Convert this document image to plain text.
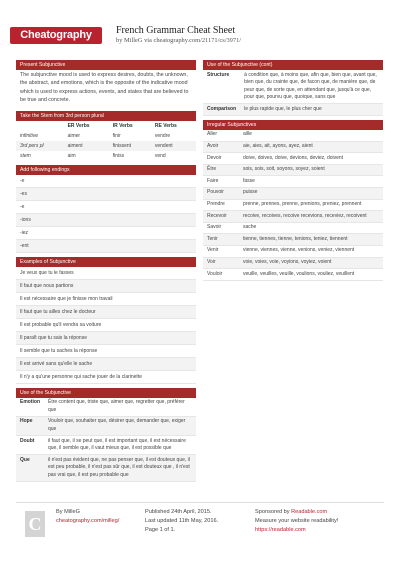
Cheatography	French Grammar Cheat Sheet
by MilleG via cheatography.com/21171/cs/3971/
Present Subjunctive
The subjunctive mood is used to express desires, doubts, the unknown, the abstract, and emotions, which is the opposite of the indicative mood which is used to express actions, events, and states that are believed to be true and concrete.
Take the Stem from 3rd person plural
	ER Verbs	IR Verbs	RE Verbs
infinitive	aimer	finir	vendre
3rd pers pl	aiment	finissent	vendent
stem	aim	finiss	vend
Add following endings
-e
-es
-e
-ions
-iez
-ent
Examples of Subjunctive
Je veux que tu le fasses
Il faut que nous partions
Il est nécessaire que je finisse mon travail
Il faut que tu ailles chez le docteur
Il est probable qu'il vendra sa voiture
Il paraît que tu sais la réponse
Il semble que tu saches la réponse
Il est arrivé sans qu'elle le sache
Il n'y a qu'une personne qui sache jouer de la clarinette
Use of the Subjunctive
Emotion	Être content que, triste que, aimer que, regretter que, préférer que
Hope	Vouloir que, souhaiter que, désirer que, demander que, exiger que
Doubt	il faut que, il se peut que, il est important que, il est nécessaire que, il semble que, il vaut mieux que, il est possible que
Que	il n'est pas évident que, ne pas penser que, il est douteux que, il est peu probable, il n'est pas sûr que, il est douteux que , il n'est pas vrai que, il est peu probable que
Use of the Subjunctive (cont)
Structure	à condition que, à moins que, afin que, bien que, avant que, bien que, du crainte que, de facon que, de manière que, de peur que, de sorte que, en attendant que, jusqu'à ce que, pour que, pourvu que, quoique, sans que
Comparison	le plus rapide que, le plus cher que
Irregular Subjunctives
Aller	aille
Avoir	aie, aies, ait, ayons, ayez, aient
Devoir	doive, doives, doive, devions, deviez, doivent
Être	sois, sois, soit, soyons, soyez, soient
Faire	fasse
Pouvoir	puisse
Prendre	prenne, prennes, prenne, prenions, preniez, prennent
Recevoir	recoive, recoives, recoive recevions, receviez, recoivent
Savoir	sache
Tenir	tienne, tiennes, tienne, tenions, teniez, tiennent
Venir	vienne, viennes, vienne, venions, veniez, viennent
Voir	voie, voies, voie, voyions, voyiez, voient
Vouloir	veuille, veuilles, veuille, voulions, vouliez, veuillent
C
By MilleG
cheatography.com/milleg/
Published 24th April, 2015.
Last updated 11th May, 2016.
Page 1 of 1.
Sponsored by Readable.com
Measure your website readability!
https://readable.com
